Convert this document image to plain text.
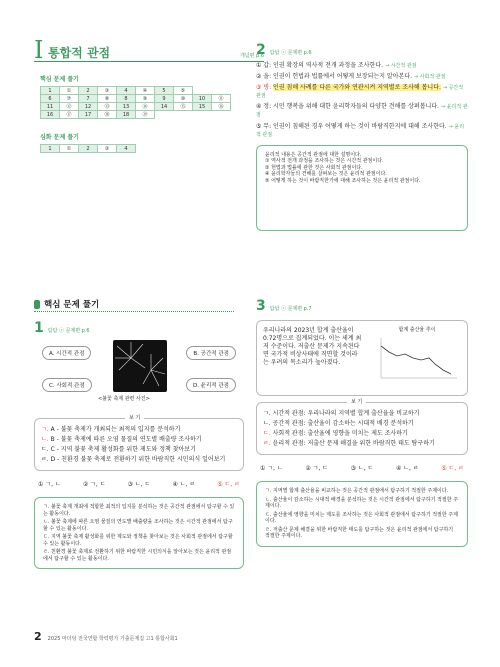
I 통합적 관점	개념편 p.6
핵심 문제 풀기
1	①	2	③	4	④	5	⑤		
6	⑦	7	⑧	8	⑨	9	⑩	10	⑪
11	⑫	12	⑬	13	⑭	14	⑮	15	⑯
16	⑰	17	⑱	18	⑲				
심화 문제 풀기
1	①	2	③	4
2 탐탐 ⓢ 문제편 p.6
① 갑: 인권 확장의 역사적 전개 과정을 조사한다. → 시간적 관점
② 을: 인권이 헌법과 법률에서 어떻게 보장되는지 알아본다. → 사회적 관점
③ 병: 인권 침해 사례를 다른 국가와 연관시켜 지역별로 조사해 봅니다. → 공간적 관점
④ 정: 시민 행복을 위해 대한 윤리학자들의 다양한 견해를 상펴봅니다. → 윤리적 관점
⑤ 무: 인권이 침해된 경우 어떻게 하는 것이 바람직한지에 대해 조사한다. → 윤리적 관점
윤리적 내용은 공간적 관점에 대한 설명이다.
① 역사적 전개 과정을 조사하는 것은 시간적 관점이다.
② 헌법과 법률에 관한 것은 사회적 관점이다.
④ 윤리학자들의 견해를 살펴보는 것은 윤리적 관점이다.
⑤ 어떻게 하는 것이 바람직한가에 대해 조사하는 것은 윤리적 관점이다.
핵심 문제 풀기
1 탐탐 ⓢ 문제편 p.6
A. 시간적 관점	B. 공간적 관점
C. 사회적 관점	D. 윤리적 관점
<불꽃 축제 관련 사진>
보 기
ㄱ. A - 불꽃 축제가 개최되는 최적의 입지를 분석하기
ㄴ. B - 불꽃 축제에 따른 오염 물질의 연도별 배출량 조사하기
ㄷ. C - 지역 불꽃 축제 활성화를 위한 제도와 정책 찾아보기
ㄹ. D - 친환경 불꽃 축제로 전환하기 위한 바람직한 시민의식 일어보기
① ㄱ, ㄴ	② ㄱ, ㄷ	③ ㄴ, ㄷ	④ ㄴ, ㄹ	⑤ ㄷ, ㄹ
ㄱ. 불꽃 축제 개최에 적합한 최적의 입지를 분석하는 것은 공간적 관점에서 탐구할 수 있는 활동이다.
ㄴ. 불꽃 축제에 따른 오염 물질의 연도별 배출량을 조사하는 것은 시간적 관점에서 탐구할 수 있는 활동이다.
ㄷ. 지역 불꽃 축제 활성화를 위한 제도와 정책을 찾아보는 것은 사회적 관점에서 탐구할 수 있는 활동이다.
ㄹ. 친환경 불꽃 축제로 전환하기 위한 바람직한 시민의식을 알아보는 것은 윤리적 관점에서 탐구할 수 있는 활동이다.
3 탐탐 ⓢ 문제편 p.7
우리나라의 2023년 합계 출산율이 0.72명으로 집계되었다. 이는 세계 최저 수준이다. 저출산 문제가 지속된다면 국가적 비상사태에 직면할 것이라는 우려의 목소리가 높아졌다.
합계 출산율 추이
보 기
ㄱ. 시간적 관점: 우리나라의 지역별 합계 출산율을 비교하기
ㄴ. 공간적 관점: 출산율이 감소하는 시대적 배경 분석하기
ㄷ. 사회적 관점: 출산율에 영향을 미치는 제도 조사하기
ㄹ. 윤리적 관점: 저출산 문제 해결을 위한 바람직한 태도 탐구하기
① ㄱ, ㄴ	② ㄱ, ㄷ	③ ㄴ, ㄷ	④ ㄴ, ㄹ	⑤ ㄷ, ㄹ
ㄱ. 지역별 합계 출산율을 비교하는 것은 공간적 관점에서 탐구하기 적절한 주제이다.
ㄴ. 출산율이 감소하는 시대적 배경을 분석하는 것은 시간적 관점에서 탐구하기 적절한 주제이다.
ㄷ. 출산율에 영향을 미치는 제도를 조사하는 것은 사회적 관점에서 탐구하기 적절한 주제이다.
ㄹ. 저출산 문제 해결을 위한 바람직한 태도를 탐구하는 것은 윤리적 관점에서 탐구하기 적절한 주제이다.
2 2025 마더텅 전국연합 학력평가 기출문제집 고1 통합사회1
